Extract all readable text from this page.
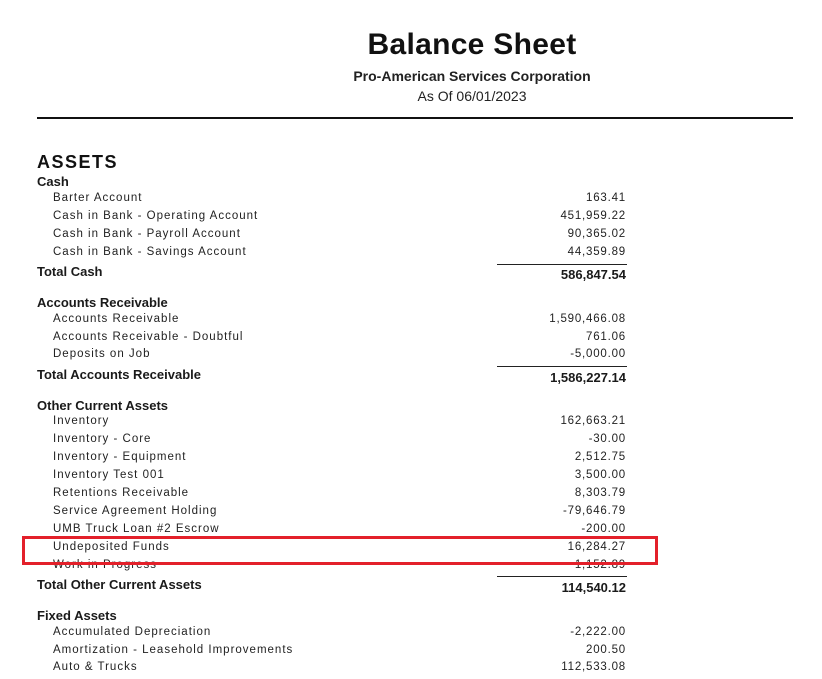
Balance Sheet
Pro-American Services Corporation
As Of 06/01/2023
ASSETS
Cash
Barter Account	163.41
Cash in Bank - Operating Account	451,959.22
Cash in Bank - Payroll Account	90,365.02
Cash in Bank - Savings Account	44,359.89
Total Cash	586,847.54
Accounts Receivable
Accounts Receivable	1,590,466.08
Accounts Receivable - Doubtful	761.06
Deposits on Job	-5,000.00
Total Accounts Receivable	1,586,227.14
Other Current Assets
Inventory	162,663.21
Inventory - Core	-30.00
Inventory - Equipment	2,512.75
Inventory Test 001	3,500.00
Retentions Receivable	8,303.79
Service Agreement Holding	-79,646.79
UMB Truck Loan #2 Escrow	-200.00
Undeposited Funds	16,284.27
Work in Progress	1,152.89
Total Other Current Assets	114,540.12
Fixed Assets
Accumulated Depreciation	-2,222.00
Amortization - Leasehold Improvements	200.50
Auto & Trucks	112,533.08
